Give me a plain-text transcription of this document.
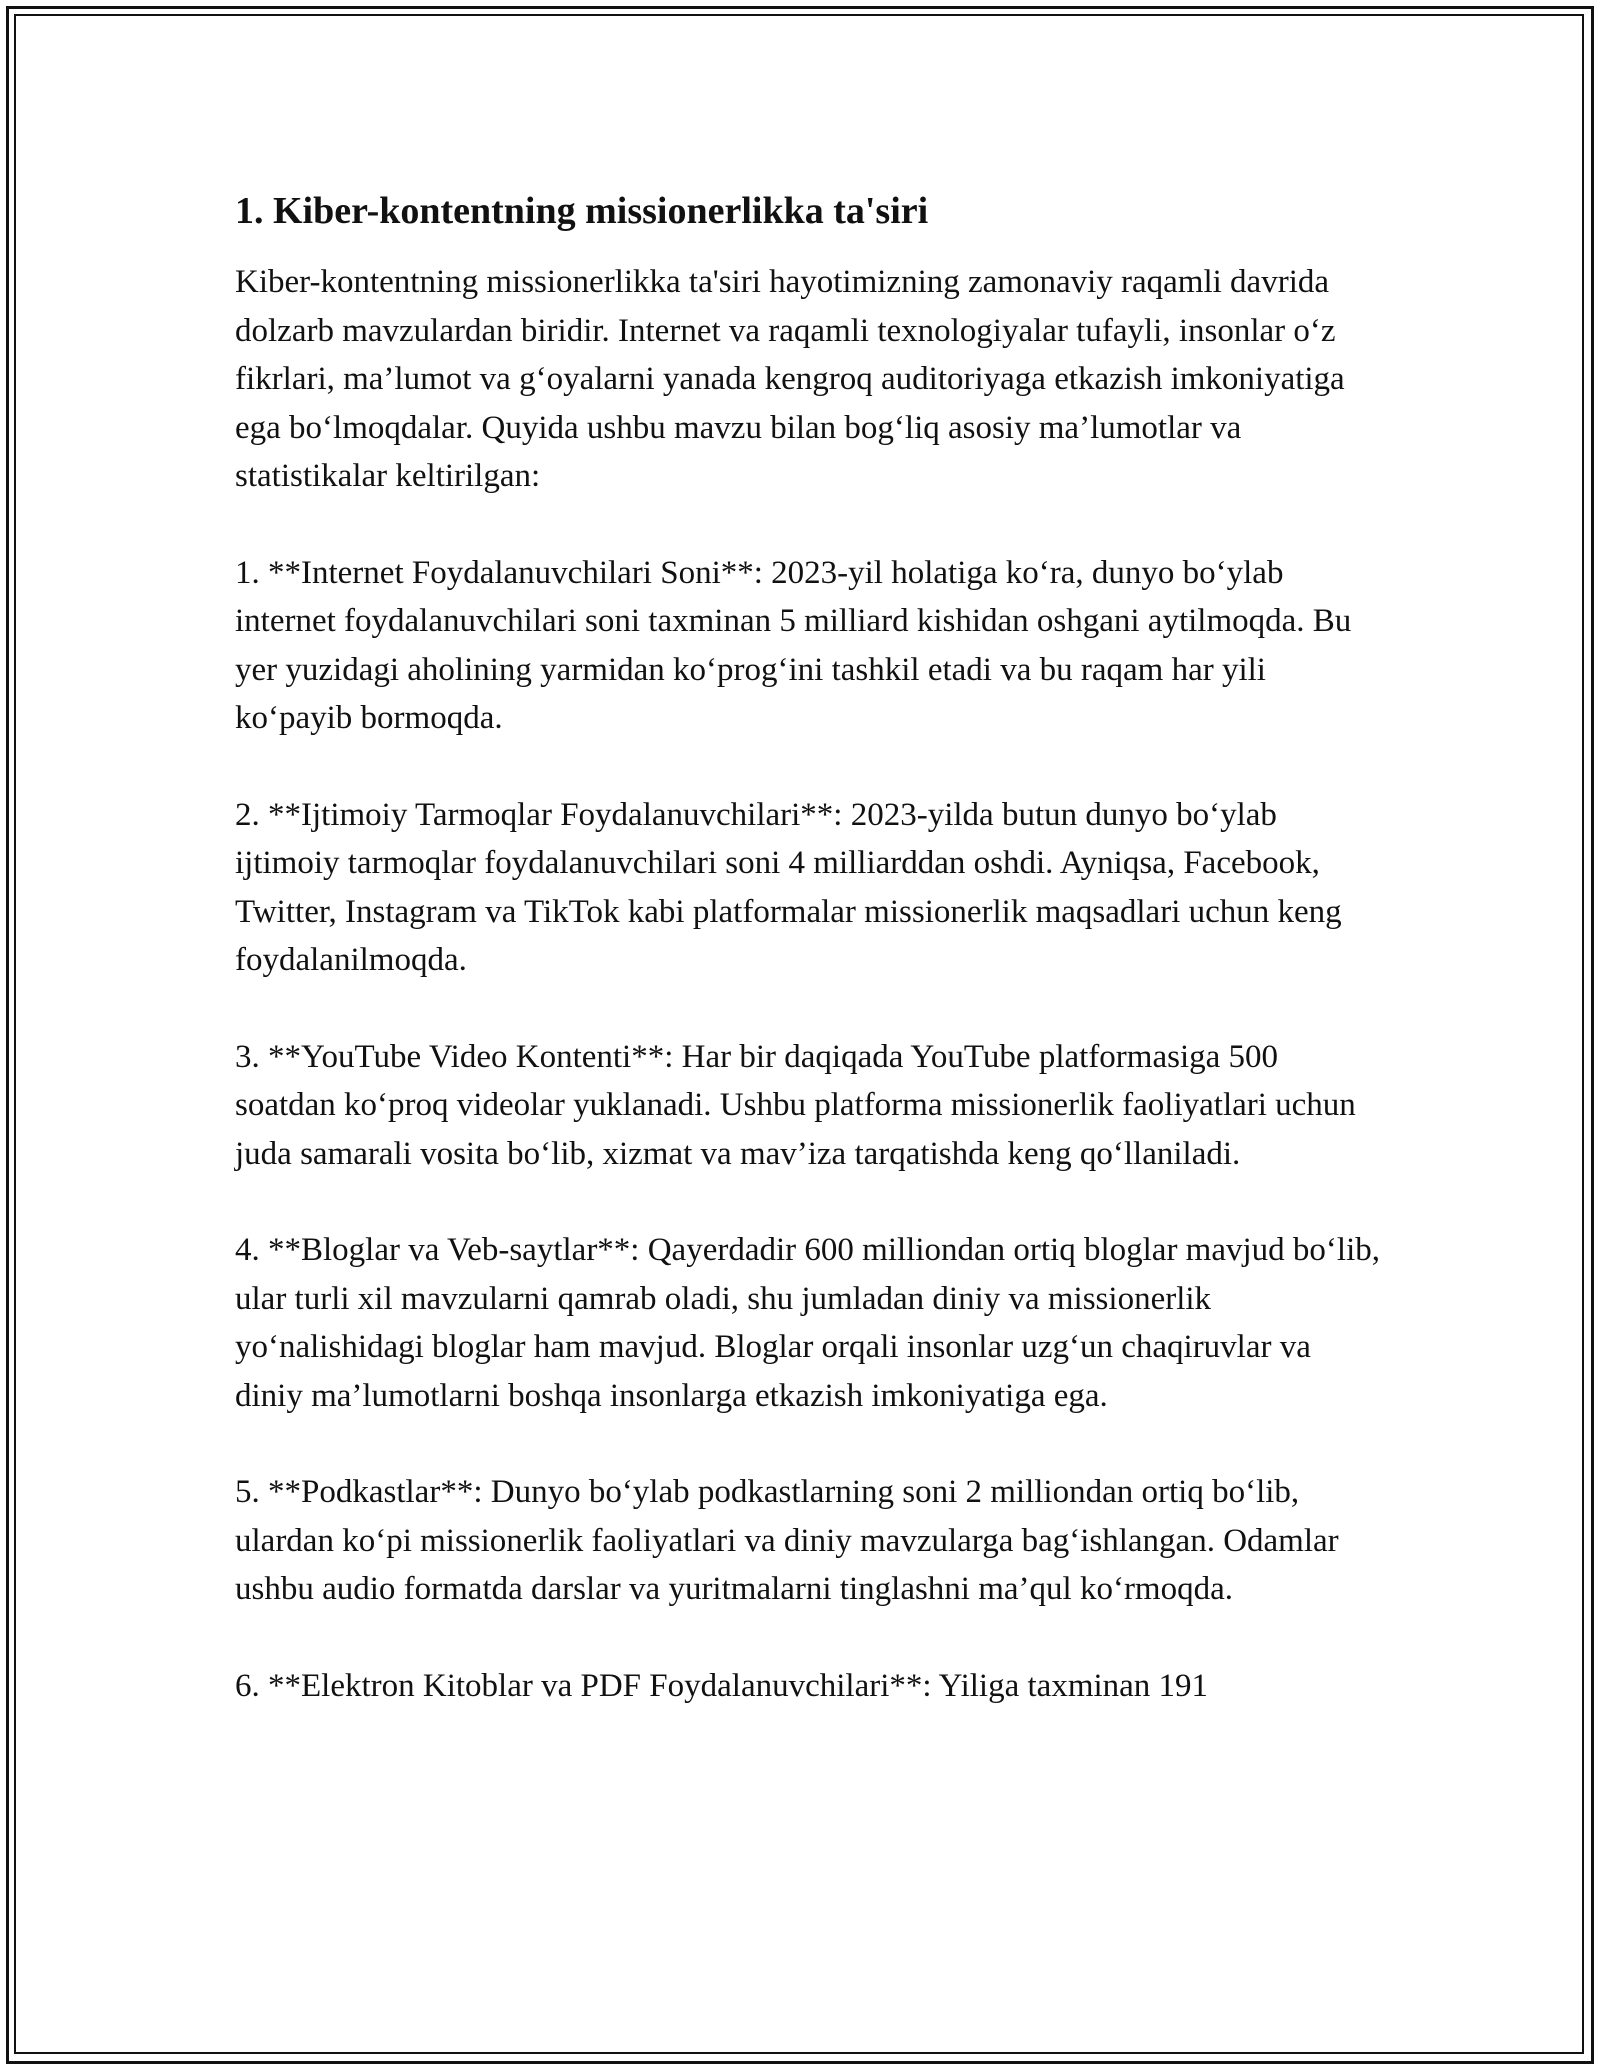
1. Kiber-kontentning missionerlikka ta'siri

Kiber-kontentning missionerlikka ta'siri hayotimizning zamonaviy raqamli davrida dolzarb mavzulardan biridir. Internet va raqamli texnologiyalar tufayli, insonlar o‘z fikrlari, ma’lumot va g‘oyalarni yanada kengroq auditoriyaga etkazish imkoniyatiga ega bo‘lmoqdalar. Quyida ushbu mavzu bilan bog‘liq asosiy ma’lumotlar va statistikalar keltirilgan:

1. **Internet Foydalanuvchilari Soni**: 2023-yil holatiga ko‘ra, dunyo bo‘ylab internet foydalanuvchilari soni taxminan 5 milliard kishidan oshgani aytilmoqda. Bu yer yuzidagi aholining yarmidan ko‘prog‘ini tashkil etadi va bu raqam har yili ko‘payib bormoqda.

2. **Ijtimoiy Tarmoqlar Foydalanuvchilari**: 2023-yilda butun dunyo bo‘ylab ijtimoiy tarmoqlar foydalanuvchilari soni 4 milliarddan oshdi. Ayniqsa, Facebook, Twitter, Instagram va TikTok kabi platformalar missionerlik maqsadlari uchun keng foydalanilmoqda.

3. **YouTube Video Kontenti**: Har bir daqiqada YouTube platformasiga 500 soatdan ko‘proq videolar yuklanadi. Ushbu platforma missionerlik faoliyatlari uchun juda samarali vosita bo‘lib, xizmat va mav’iza tarqatishda keng qo‘llaniladi.

4. **Bloglar va Veb-saytlar**: Qayerdadir 600 milliondan ortiq bloglar mavjud bo‘lib, ular turli xil mavzularni qamrab oladi, shu jumladan diniy va missionerlik yo‘nalishidagi bloglar ham mavjud. Bloglar orqali insonlar uzg‘un chaqiruvlar va diniy ma’lumotlarni boshqa insonlarga etkazish imkoniyatiga ega.

5. **Podkastlar**: Dunyo bo‘ylab podkastlarning soni 2 milliondan ortiq bo‘lib, ulardan ko‘pi missionerlik faoliyatlari va diniy mavzularga bag‘ishlangan. Odamlar ushbu audio formatda darslar va yuritmalarni tinglashni ma’qul ko‘rmoqda.

6. **Elektron Kitoblar va PDF Foydalanuvchilari**: Yiliga taxminan 191
